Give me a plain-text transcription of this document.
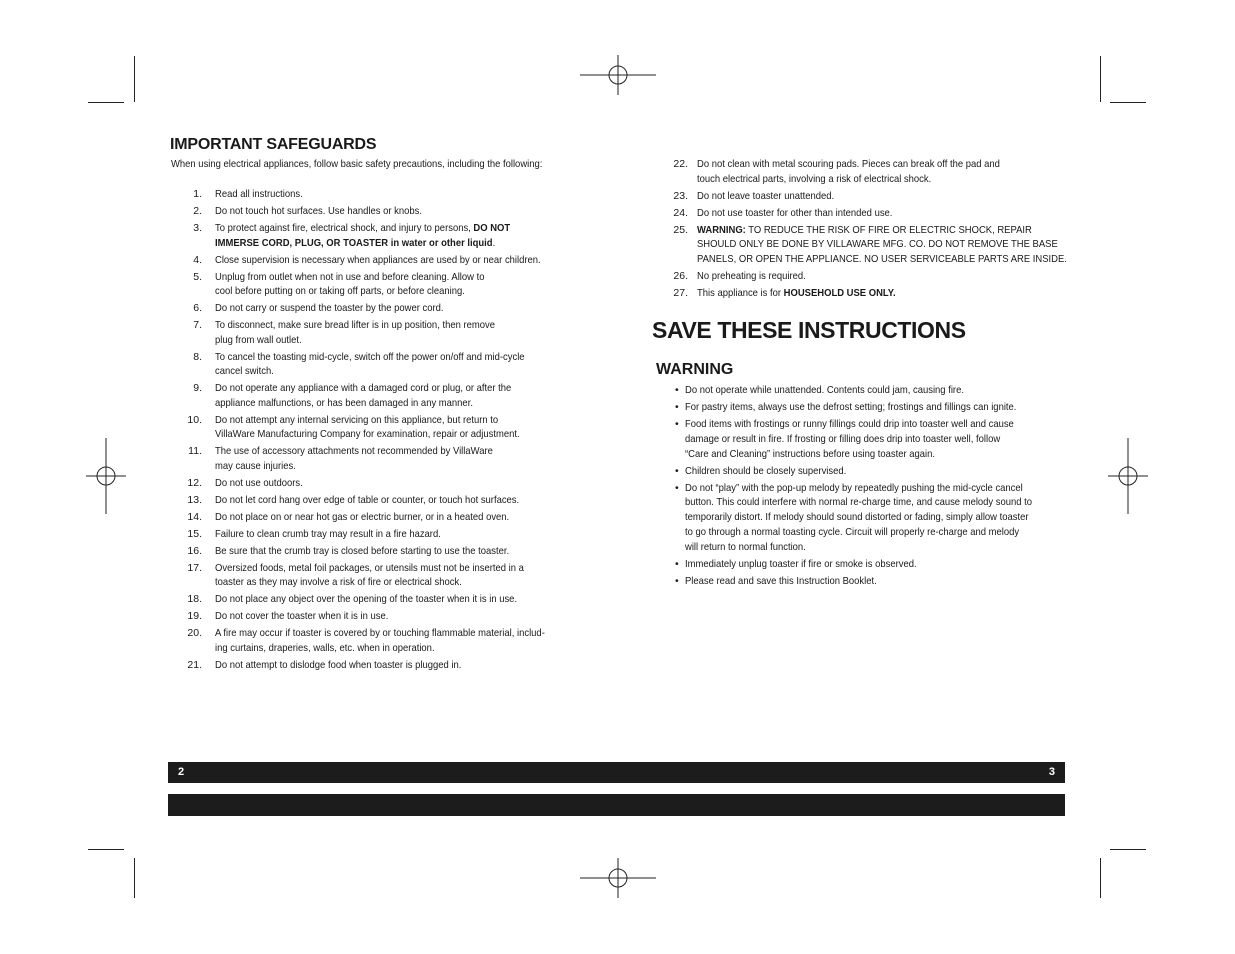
IMPORTANT SAFEGUARDS
When using electrical appliances, follow basic safety precautions, including the following:
1. Read all instructions.
2. Do not touch hot surfaces. Use handles or knobs.
3. To protect against fire, electrical shock, and injury to persons, DO NOT
IMMERSE CORD, PLUG, OR TOASTER in water or other liquid.
4. Close supervision is necessary when appliances are used by or near children.
5. Unplug from outlet when not in use and before cleaning. Allow to
cool before putting on or taking off parts, or before cleaning.
6. Do not carry or suspend the toaster by the power cord.
7. To disconnect, make sure bread lifter is in up position, then remove
plug from wall outlet.
8. To cancel the toasting mid-cycle, switch off the power on/off and mid-cycle
cancel switch.
9. Do not operate any appliance with a damaged cord or plug, or after the
appliance malfunctions, or has been damaged in any manner.
10. Do not attempt any internal servicing on this appliance, but return to
VillaWare Manufacturing Company for examination, repair or adjustment.
11. The use of accessory attachments not recommended by VillaWare
may cause injuries.
12. Do not use outdoors.
13. Do not let cord hang over edge of table or counter, or touch hot surfaces.
14. Do not place on or near hot gas or electric burner, or in a heated oven.
15. Failure to clean crumb tray may result in a fire hazard.
16. Be sure that the crumb tray is closed before starting to use the toaster.
17. Oversized foods, metal foil packages, or utensils must not be inserted in a
toaster as they may involve a risk of fire or electrical shock.
18. Do not place any object over the opening of the toaster when it is in use.
19. Do not cover the toaster when it is in use.
20. A fire may occur if toaster is covered by or touching flammable material, includ-
ing curtains, draperies, walls, etc. when in operation.
21. Do not attempt to dislodge food when toaster is plugged in.
22. Do not clean with metal scouring pads. Pieces can break off the pad and
touch electrical parts, involving a risk of electrical shock.
23. Do not leave toaster unattended.
24. Do not use toaster for other than intended use.
25. WARNING: TO REDUCE THE RISK OF FIRE OR ELECTRIC SHOCK, REPAIR
SHOULD ONLY BE DONE BY VILLAWARE MFG. CO. DO NOT REMOVE THE BASE
PANELS, OR OPEN THE APPLIANCE. NO USER SERVICEABLE PARTS ARE INSIDE.
26. No preheating is required.
27. This appliance is for HOUSEHOLD USE ONLY.
SAVE THESE INSTRUCTIONS
WARNING
• Do not operate while unattended. Contents could jam, causing fire.
• For pastry items, always use the defrost setting; frostings and fillings can ignite.
• Food items with frostings or runny fillings could drip into toaster well and cause
damage or result in fire. If frosting or filling does drip into toaster well, follow
“Care and Cleaning” instructions before using toaster again.
• Children should be closely supervised.
• Do not “play” with the pop-up melody by repeatedly pushing the mid-cycle cancel
button. This could interfere with normal re-charge time, and cause melody sound to
temporarily distort. If melody should sound distorted or fading, simply allow toaster
to go through a normal toasting cycle. Circuit will properly re-charge and melody
will return to normal function.
• Immediately unplug toaster if fire or smoke is observed.
• Please read and save this Instruction Booklet.
2	3
